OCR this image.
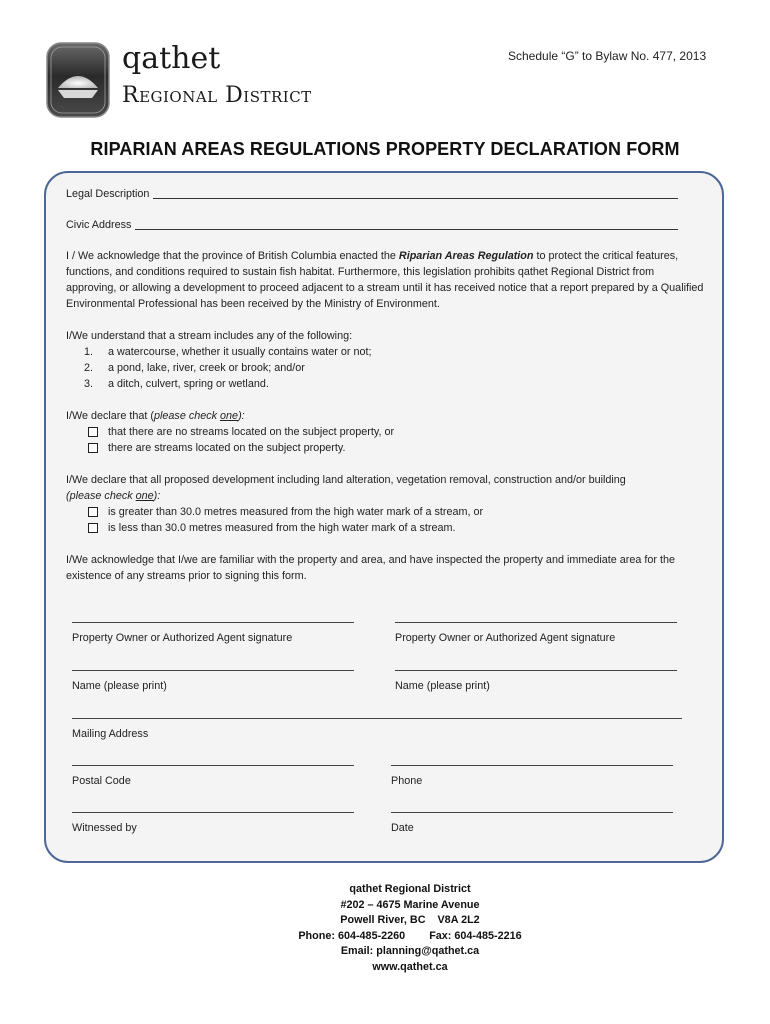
qathet
Regional District
Schedule “G” to Bylaw No. 477, 2013
RIPARIAN AREAS REGULATIONS PROPERTY DECLARATION FORM
Legal Description
Civic Address

I / We acknowledge that the province of British Columbia enacted the Riparian Areas Regulation to protect the critical features, functions, and conditions required to sustain fish habitat. Furthermore, this legislation prohibits qathet Regional District from approving, or allowing a development to proceed adjacent to a stream until it has received notice that a report prepared by a Qualified Environmental Professional has been received by the Ministry of Environment.

I/We understand that a stream includes any of the following:

1.	a watercourse, whether it usually contains water or not;
2.	a pond, lake, river, creek or brook; and/or
3.	a ditch, culvert, spring or wetland.

I/We declare that (please check one):

that there are no streams located on the subject property, or
there are streams located on the subject property.

I/We declare that all proposed development including land alteration, vegetation removal, construction and/or building

(please check one):

is greater than 30.0 metres measured from the high water mark of a stream, or
is less than 30.0 metres measured from the high water mark of a stream.

I/We acknowledge that I/we are familiar with the property and area, and have inspected the property and immediate area for the existence of any streams prior to signing this form.

Property Owner or Authorized Agent signature	Property Owner or Authorized Agent signature
Name (please print)	Name (please print)
Mailing Address
Postal Code	Phone
Witnessed by	Date
qathet Regional District
#202 – 4675 Marine Avenue
Powell River, BC    V8A 2L2
Phone: 604-485-2260 Fax: 604-485-2216
Email: planning@qathet.ca
www.qathet.ca
